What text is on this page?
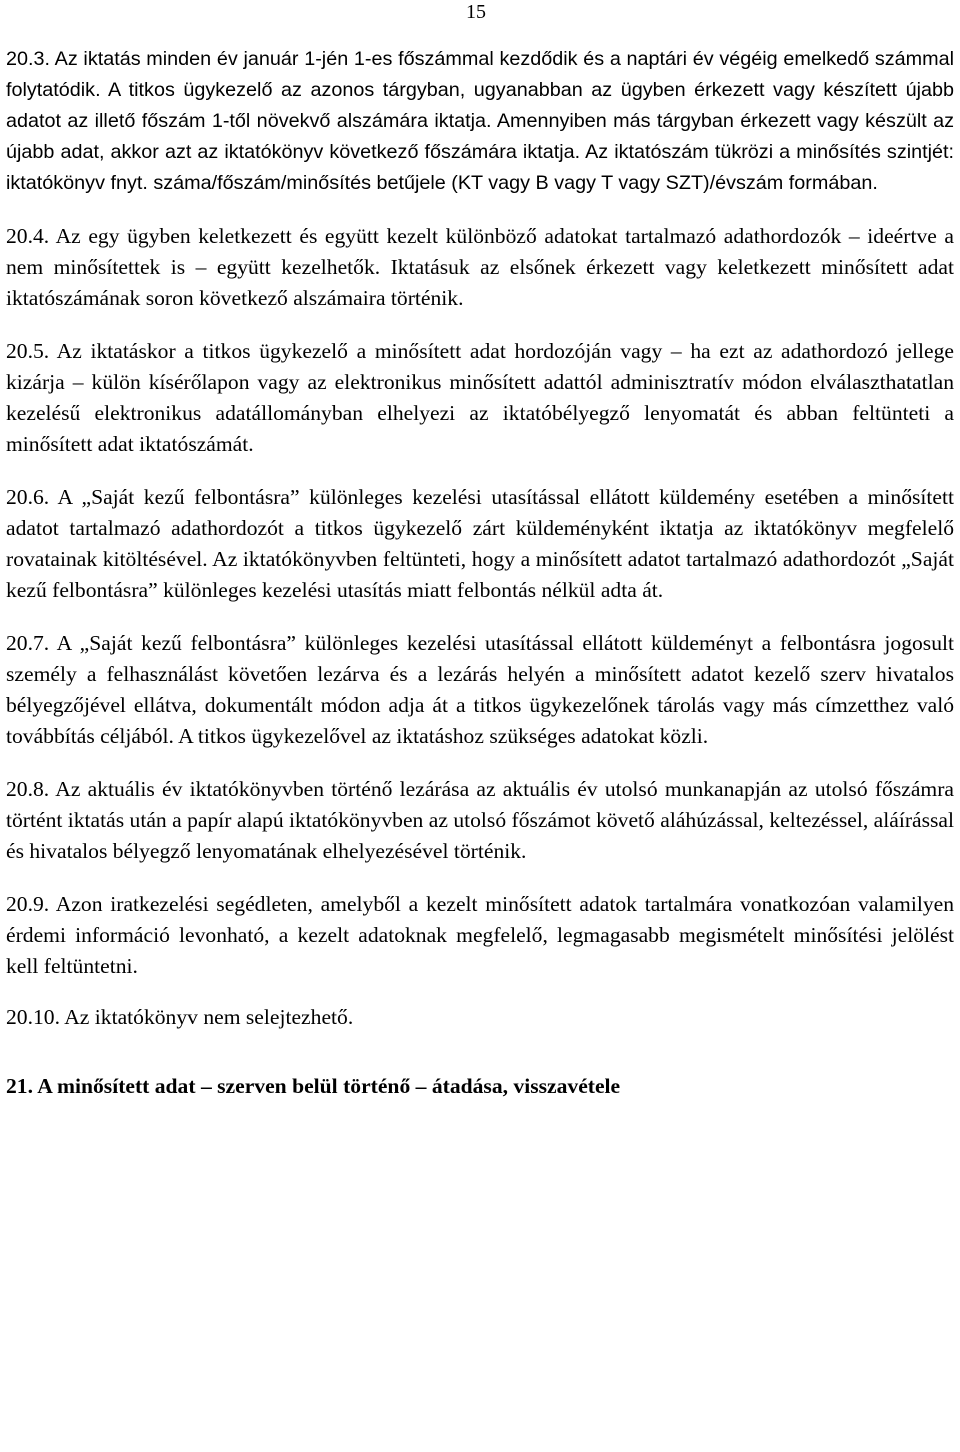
15

20.3. Az iktatás minden év január 1-jén 1-es főszámmal kezdődik és a naptári év végéig emelkedő számmal folytatódik. A titkos ügykezelő az azonos tárgyban, ugyanabban az ügyben érkezett vagy készített újabb adatot az illető főszám 1-től növekvő alszámára iktatja. Amennyiben más tárgyban érkezett vagy készült az újabb adat, akkor azt az iktatókönyv következő főszámára iktatja. Az iktatószám tükrözi a minősítés szintjét: iktatókönyv fnyt. száma/főszám/minősítés betűjele (KT vagy B vagy T vagy SZT)/évszám formában.

20.4. Az egy ügyben keletkezett és együtt kezelt különböző adatokat tartalmazó adathordozók – ideértve a nem minősítettek is – együtt kezelhetők. Iktatásuk az elsőnek érkezett vagy keletkezett minősített adat iktatószámának soron következő alszámaira történik.

20.5. Az iktatáskor a titkos ügykezelő a minősített adat hordozóján vagy – ha ezt az adathordozó jellege kizárja – külön kísérőlapon vagy az elektronikus minősített adattól adminisztratív módon elválaszthatatlan kezelésű elektronikus adatállományban elhelyezi az iktatóbélyegző lenyomatát és abban feltünteti a minősített adat iktatószámát.

20.6. A „Saját kezű felbontásra” különleges kezelési utasítással ellátott küldemény esetében a minősített adatot tartalmazó adathordozót a titkos ügykezelő zárt küldeményként iktatja az iktatókönyv megfelelő rovatainak kitöltésével. Az iktatókönyvben feltünteti, hogy a minősített adatot tartalmazó adathordozót „Saját kezű felbontásra” különleges kezelési utasítás miatt felbontás nélkül adta át.

20.7. A „Saját kezű felbontásra” különleges kezelési utasítással ellátott küldeményt a felbontásra jogosult személy a felhasználást követően lezárva és a lezárás helyén a minősített adatot kezelő szerv hivatalos bélyegzőjével ellátva, dokumentált módon adja át a titkos ügykezelőnek tárolás vagy más címzetthez való továbbítás céljából. A titkos ügykezelővel az iktatáshoz szükséges adatokat közli.

20.8. Az aktuális év iktatókönyvben történő lezárása az aktuális év utolsó munkanapján az utolsó főszámra történt iktatás után a papír alapú iktatókönyvben az utolsó főszámot követő aláhúzással, keltezéssel, aláírással és hivatalos bélyegző lenyomatának elhelyezésével történik.

20.9. Azon iratkezelési segédleten, amelyből a kezelt minősített adatok tartalmára vonatkozóan valamilyen érdemi információ levonható, a kezelt adatoknak megfelelő, legmagasabb megismételt minősítési jelölést kell feltüntetni.

20.10. Az iktatókönyv nem selejtezhető.

21. A minősített adat – szerven belül történő – átadása, visszavétele
